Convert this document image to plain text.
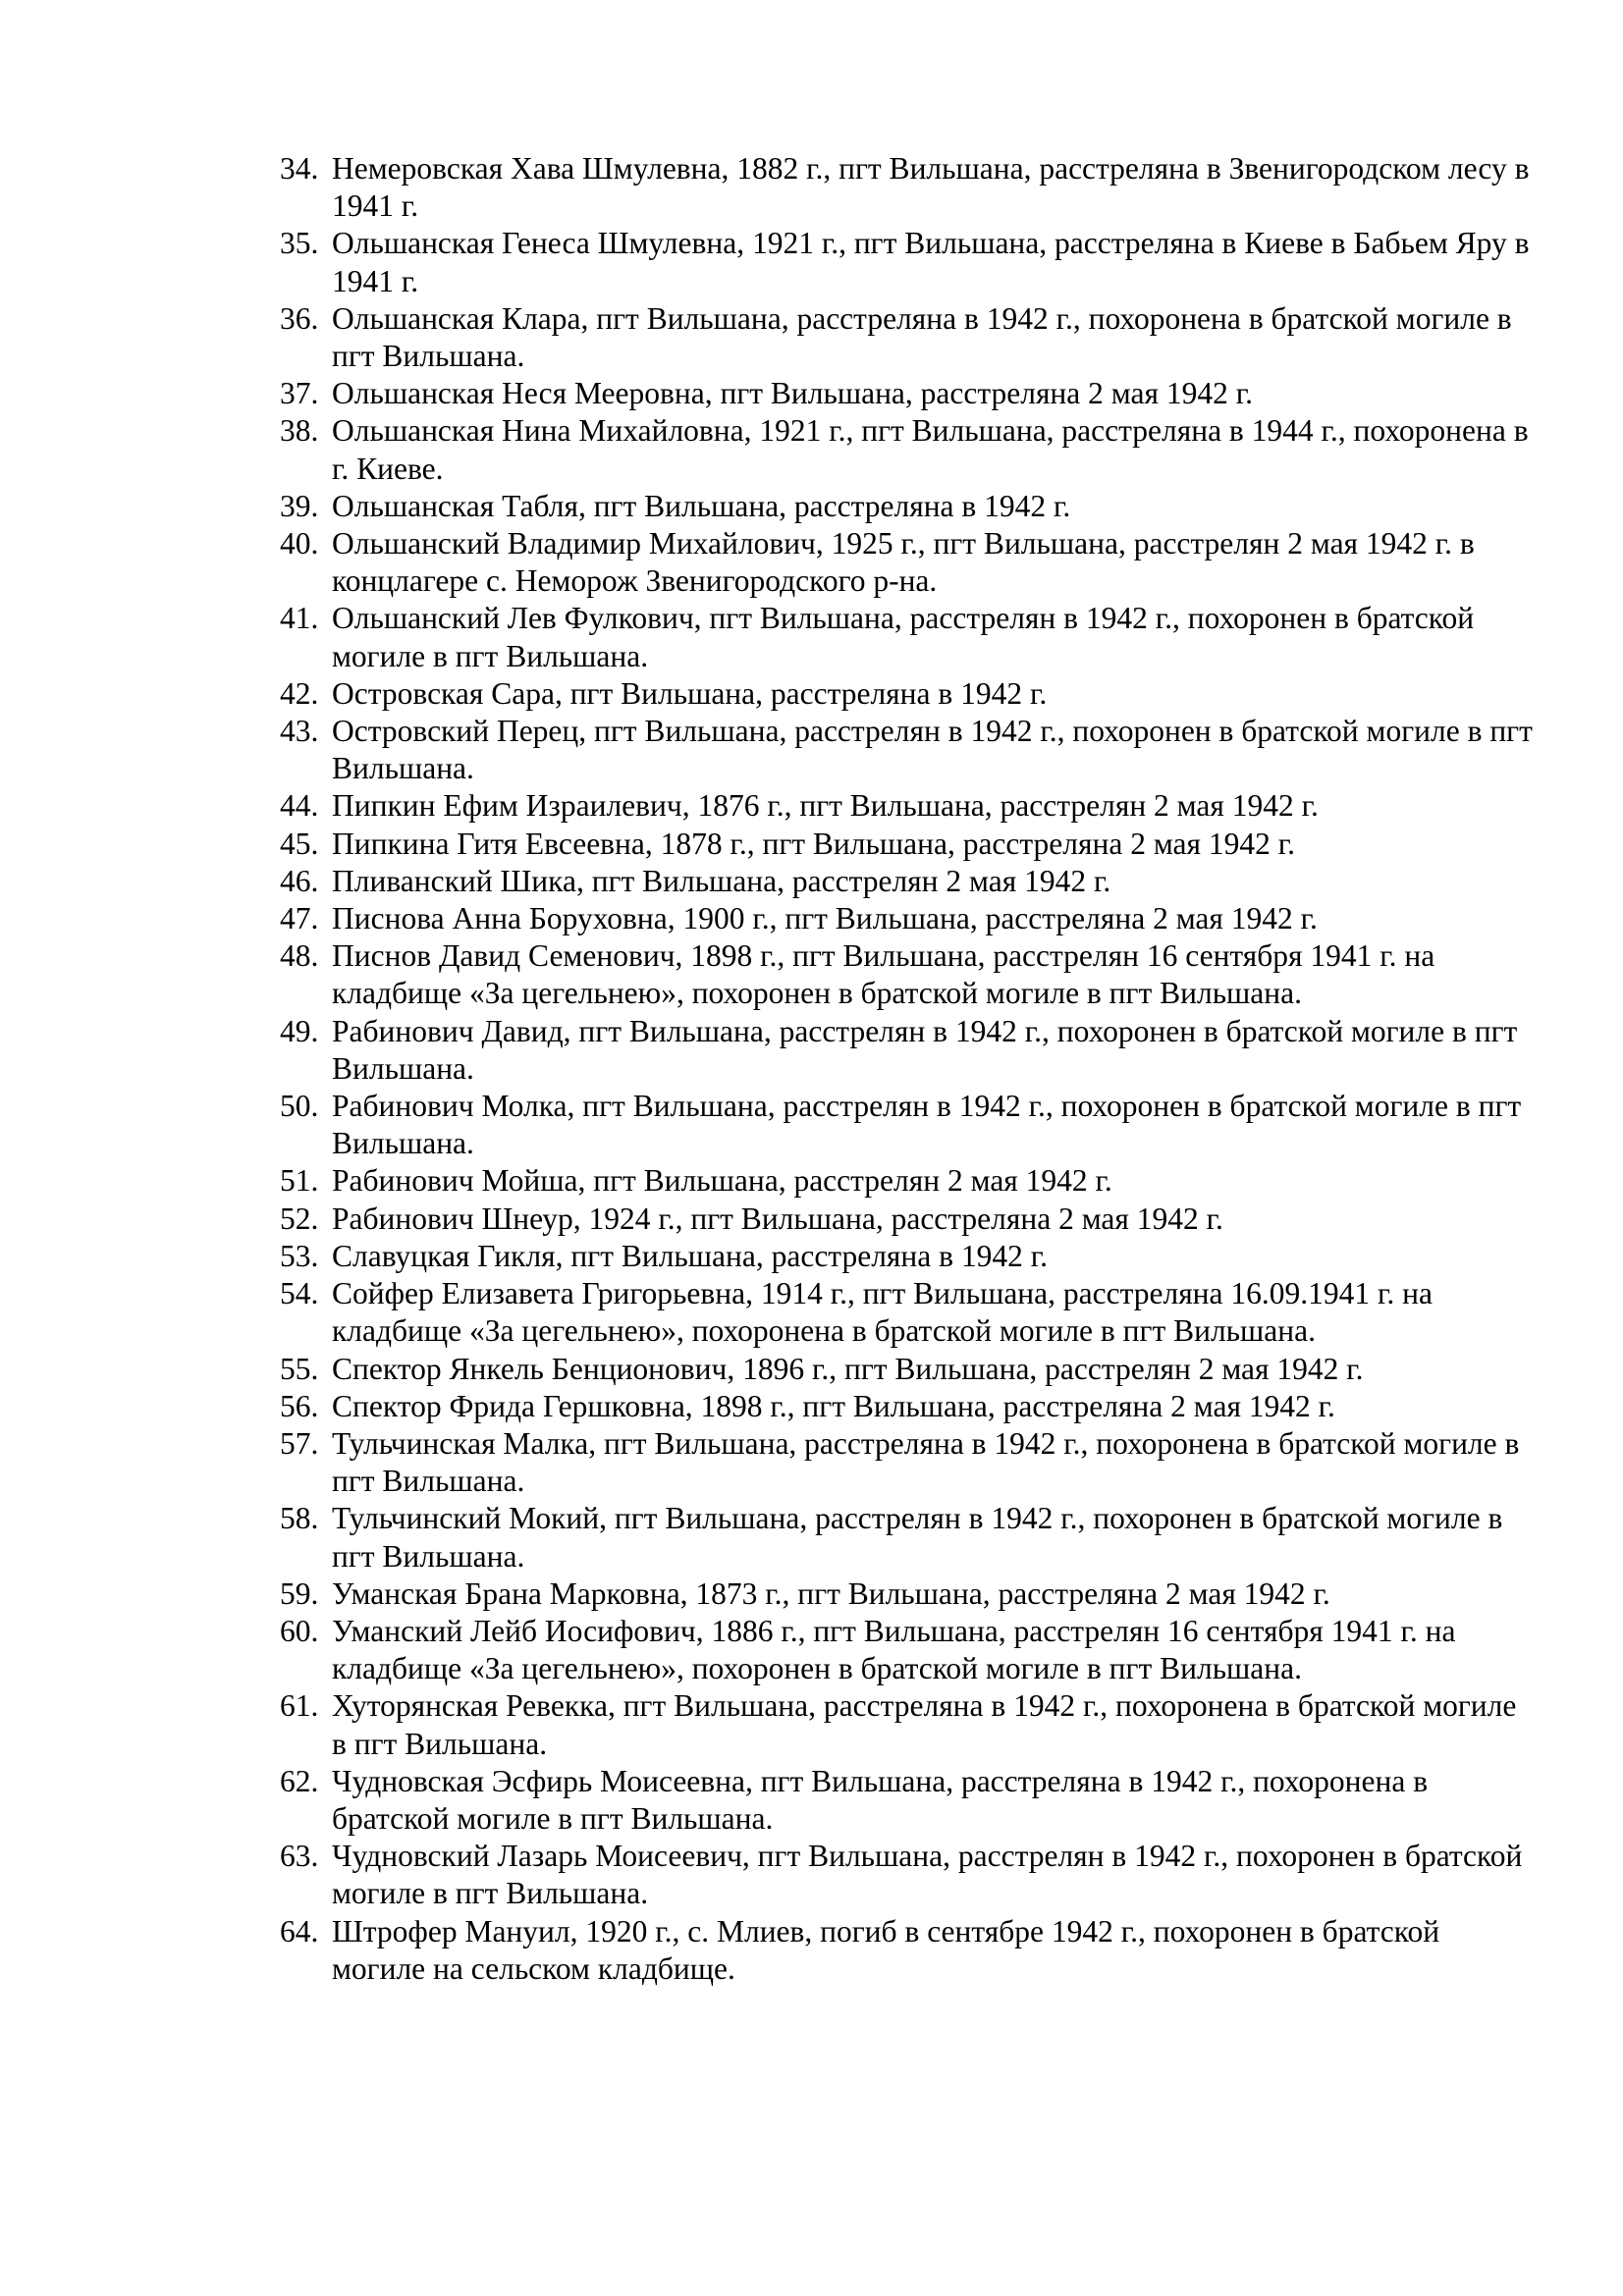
34. Немеровская Хава Шмулевна, 1882 г., пгт Вильшана, расстреляна в Звенигородском лесу в 1941 г.
35. Ольшанская Генеса Шмулевна, 1921 г., пгт Вильшана, расстреляна в Киеве в Бабьем Яру в 1941 г.
36. Ольшанская Клара, пгт Вильшана, расстреляна в 1942 г., похоронена в братской могиле в пгт Вильшана.
37. Ольшанская Неся Мееровна, пгт Вильшана, расстреляна 2 мая 1942 г.
38. Ольшанская Нина Михайловна, 1921 г., пгт Вильшана, расстреляна в 1944 г., похоронена в г. Киеве.
39. Ольшанская Табля, пгт Вильшана, расстреляна в 1942 г.
40. Ольшанский Владимир Михайлович, 1925 г., пгт Вильшана, расстрелян 2 мая 1942 г. в концлагере с. Неморож Звенигородского р-на.
41. Ольшанский Лев Фулкович, пгт Вильшана, расстрелян в 1942 г., похоронен в братской могиле в пгт Вильшана.
42. Островская Сара, пгт Вильшана, расстреляна в 1942 г.
43. Островский Перец, пгт Вильшана, расстрелян в 1942 г., похоронен в братской могиле в пгт Вильшана.
44. Пипкин Ефим Израилевич, 1876 г., пгт Вильшана, расстрелян 2 мая 1942 г.
45. Пипкина Гитя Евсеевна, 1878 г., пгт Вильшана, расстреляна 2 мая 1942 г.
46. Пливанский Шика, пгт Вильшана, расстрелян 2 мая 1942 г.
47. Писнова Анна Боруховна, 1900 г., пгт Вильшана, расстреляна 2 мая 1942 г.
48. Писнов Давид Семенович, 1898 г., пгт Вильшана, расстрелян 16 сентября 1941 г. на кладбище «За цегельнею», похоронен в братской могиле в пгт Вильшана.
49. Рабинович Давид, пгт Вильшана, расстрелян в 1942 г., похоронен в братской могиле в пгт Вильшана.
50. Рабинович Молка, пгт Вильшана, расстрелян в 1942 г., похоронен в братской могиле в пгт Вильшана.
51. Рабинович Мойша, пгт Вильшана, расстрелян 2 мая 1942 г.
52. Рабинович Шнеур, 1924 г., пгт Вильшана, расстреляна 2 мая 1942 г.
53. Славуцкая Гикля, пгт Вильшана, расстреляна в 1942 г.
54. Сойфер Елизавета Григорьевна, 1914 г., пгт Вильшана, расстреляна 16.09.1941 г. на кладбище «За цегельнею», похоронена в братской могиле в пгт Вильшана.
55. Спектор Янкель Бенционович, 1896 г., пгт Вильшана, расстрелян 2 мая 1942 г.
56. Спектор Фрида Гершковна, 1898 г., пгт Вильшана, расстреляна 2 мая 1942 г.
57. Тульчинская Малка, пгт Вильшана, расстреляна в 1942 г., похоронена в братской могиле в пгт Вильшана.
58. Тульчинский Мокий, пгт Вильшана, расстрелян в 1942 г., похоронен в братской могиле в пгт Вильшана.
59. Уманская Брана Марковна, 1873 г., пгт Вильшана, расстреляна 2 мая 1942 г.
60. Уманский Лейб Иосифович, 1886 г., пгт Вильшана, расстрелян 16 сентября 1941 г. на кладбище «За цегельнею», похоронен в братской могиле в пгт Вильшана.
61. Хуторянская Ревекка, пгт Вильшана, расстреляна в 1942 г., похоронена в братской могиле в пгт Вильшана.
62. Чудновская Эсфирь Моисеевна, пгт Вильшана, расстреляна в 1942 г., похоронена в братской могиле в пгт Вильшана.
63. Чудновский Лазарь Моисеевич, пгт Вильшана, расстрелян в 1942 г., похоронен в братской могиле в пгт Вильшана.
64. Штрофер Мануил, 1920 г., с. Млиев, погиб в сентябре 1942 г., похоронен в братской могиле на сельском кладбище.
